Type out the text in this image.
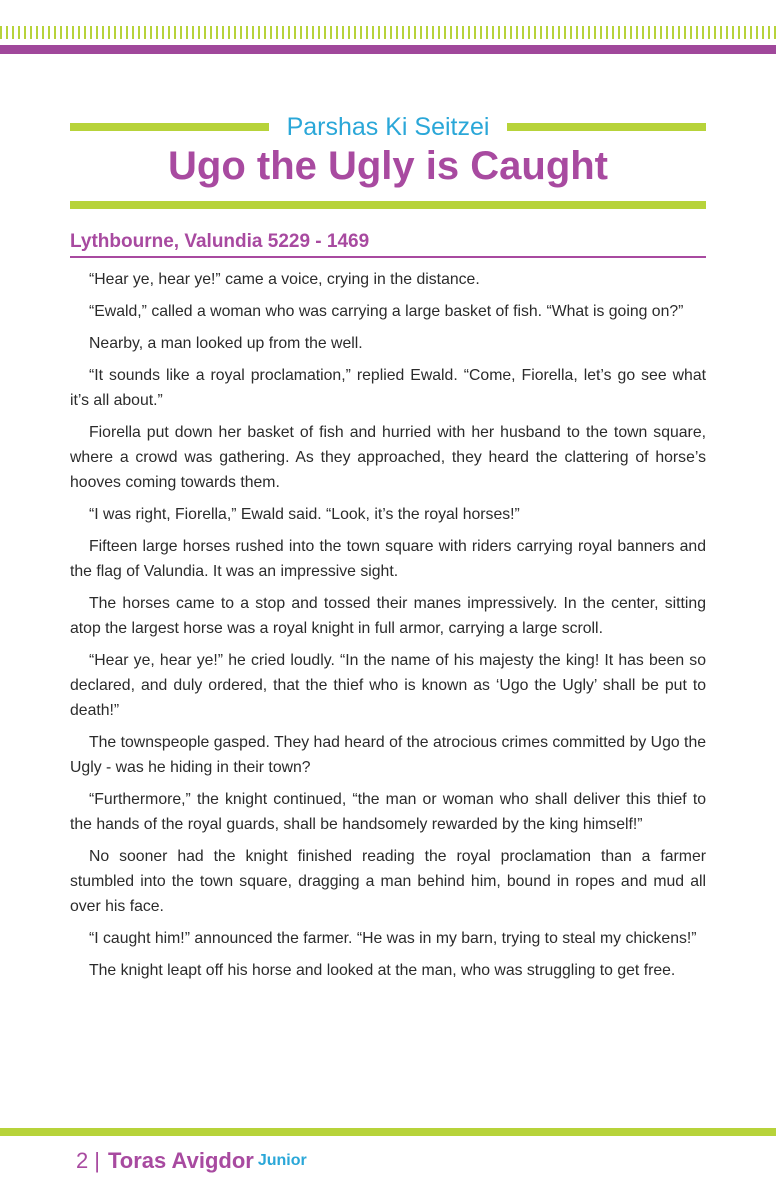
Parshas Ki Seitzei
Ugo the Ugly is Caught
Lythbourne, Valundia 5229 - 1469

“Hear ye, hear ye!” came a voice, crying in the distance.

“Ewald,” called a woman who was carrying a large basket of fish. “What is going on?”

Nearby, a man looked up from the well.

“It sounds like a royal proclamation,” replied Ewald. “Come, Fiorella, let’s go see what it’s all about.”

Fiorella put down her basket of fish and hurried with her husband to the town square, where a crowd was gathering. As they approached, they heard the clattering of horse’s hooves coming towards them.

“I was right, Fiorella,” Ewald said. “Look, it’s the royal horses!”

Fifteen large horses rushed into the town square with riders carrying royal banners and the flag of Valundia. It was an impressive sight.

The horses came to a stop and tossed their manes impressively. In the center, sitting atop the largest horse was a royal knight in full armor, carrying a large scroll.

“Hear ye, hear ye!” he cried loudly. “In the name of his majesty the king! It has been so declared, and duly ordered, that the thief who is known as ‘Ugo the Ugly’ shall be put to death!”

The townspeople gasped. They had heard of the atrocious crimes committed by Ugo the Ugly - was he hiding in their town?

“Furthermore,” the knight continued, “the man or woman who shall deliver this thief to the hands of the royal guards, shall be handsomely rewarded by the king himself!”

No sooner had the knight finished reading the royal proclamation than a farmer stumbled into the town square, dragging a man behind him, bound in ropes and mud all over his face.

“I caught him!” announced the farmer. “He was in my barn, trying to steal my chickens!”

The knight leapt off his horse and looked at the man, who was struggling to get free.

2 | Toras Avigdor Junior
